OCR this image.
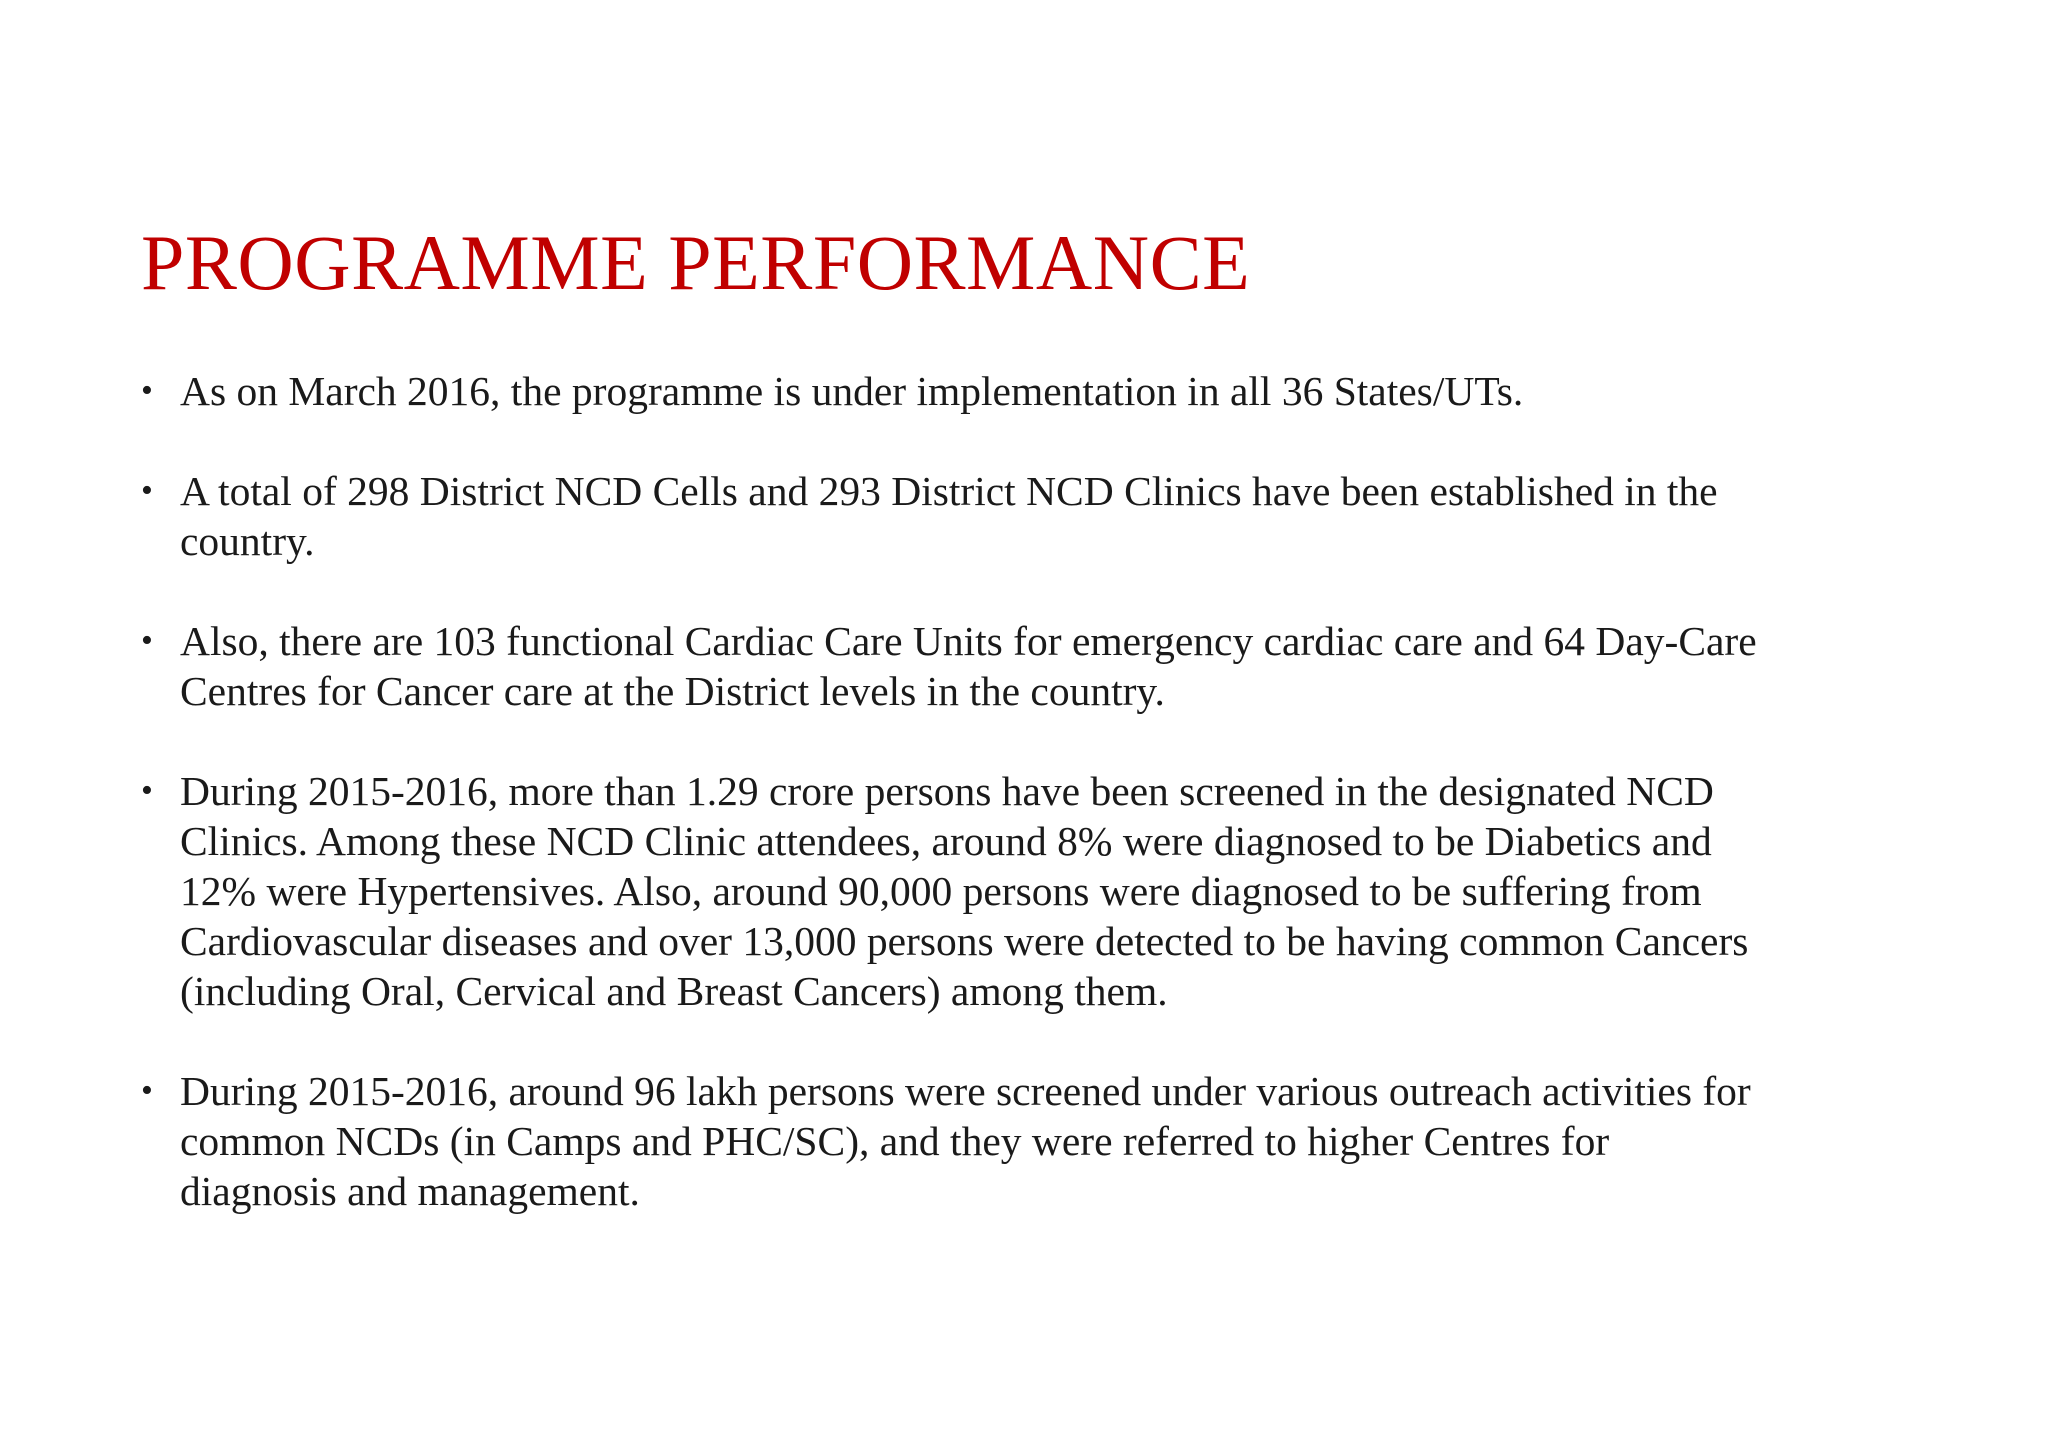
PROGRAMME PERFORMANCE
• As on March 2016, the programme is under implementation in all 36 States/UTs.
• A total of 298 District NCD Cells and 293 District NCD Clinics have been established in the
country.
• Also, there are 103 functional Cardiac Care Units for emergency cardiac care and 64 Day-Care
Centres for Cancer care at the District levels in the country.
• During 2015-2016, more than 1.29 crore persons have been screened in the designated NCD
Clinics. Among these NCD Clinic attendees, around 8% were diagnosed to be Diabetics and
12% were Hypertensives. Also, around 90,000 persons were diagnosed to be suffering from
Cardiovascular diseases and over 13,000 persons were detected to be having common Cancers
(including Oral, Cervical and Breast Cancers) among them.
• During 2015-2016, around 96 lakh persons were screened under various outreach activities for
common NCDs (in Camps and PHC/SC), and they were referred to higher Centres for
diagnosis and management.
